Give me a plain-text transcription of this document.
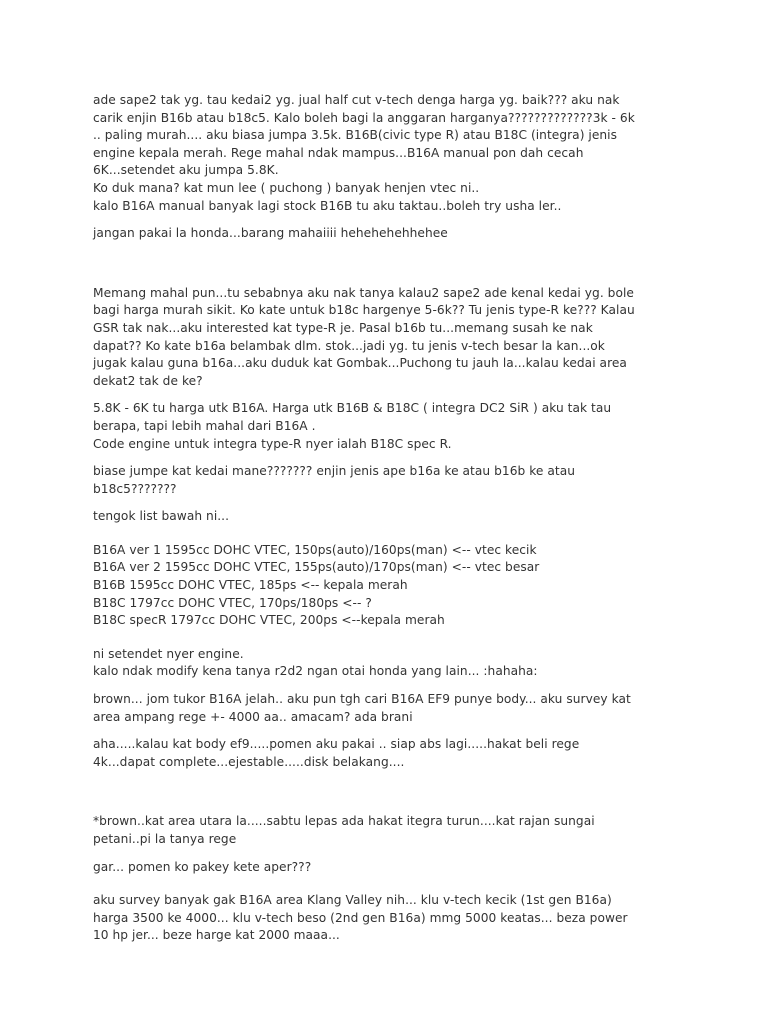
ade sape2 tak yg. tau kedai2 yg. jual half cut v-tech denga harga yg. baik??? aku nak
carik enjin B16b atau b18c5. Kalo boleh bagi la anggaran harganya?????????????3k - 6k
.. paling murah.... aku biasa jumpa 3.5k. B16B(civic type R) atau B18C (integra) jenis
engine kepala merah. Rege mahal ndak mampus...B16A manual pon dah cecah
6K...setendet aku jumpa 5.8K.
Ko duk mana? kat mun lee ( puchong ) banyak henjen vtec ni..
kalo B16A manual banyak lagi stock B16B tu aku taktau..boleh try usha ler..
jangan pakai la honda...barang mahaiiii hehehehehhehee
Memang mahal pun...tu sebabnya aku nak tanya kalau2 sape2 ade kenal kedai yg. bole
bagi harga murah sikit. Ko kate untuk b18c hargenye 5-6k?? Tu jenis type-R ke??? Kalau
GSR tak nak...aku interested kat type-R je. Pasal b16b tu...memang susah ke nak
dapat?? Ko kate b16a belambak dlm. stok...jadi yg. tu jenis v-tech besar la kan...ok
jugak kalau guna b16a...aku duduk kat Gombak...Puchong tu jauh la...kalau kedai area
dekat2 tak de ke?
5.8K - 6K tu harga utk B16A. Harga utk B16B & B18C ( integra DC2 SiR ) aku tak tau
berapa, tapi lebih mahal dari B16A .
Code engine untuk integra type-R nyer ialah B18C spec R.
biase jumpe kat kedai mane??????? enjin jenis ape b16a ke atau b16b ke atau
b18c5???????
tengok list bawah ni...
B16A ver 1 1595cc DOHC VTEC, 150ps(auto)/160ps(man) <-- vtec kecik
B16A ver 2 1595cc DOHC VTEC, 155ps(auto)/170ps(man) <-- vtec besar
B16B 1595cc DOHC VTEC, 185ps <-- kepala merah
B18C 1797cc DOHC VTEC, 170ps/180ps <-- ?
B18C specR 1797cc DOHC VTEC, 200ps <--kepala merah
ni setendet nyer engine.
kalo ndak modify kena tanya r2d2 ngan otai honda yang lain... :hahaha:
brown... jom tukor B16A jelah.. aku pun tgh cari B16A EF9 punye body... aku survey kat
area ampang rege +- 4000 aa.. amacam? ada brani
aha.....kalau kat body ef9.....pomen aku pakai .. siap abs lagi.....hakat beli rege
4k...dapat complete...ejestable.....disk belakang....
*brown..kat area utara la.....sabtu lepas ada hakat itegra turun....kat rajan sungai
petani..pi la tanya rege
gar... pomen ko pakey kete aper???
aku survey banyak gak B16A area Klang Valley nih... klu v-tech kecik (1st gen B16a)
harga 3500 ke 4000... klu v-tech beso (2nd gen B16a) mmg 5000 keatas... beza power
10 hp jer... beze harge kat 2000 maaa...
